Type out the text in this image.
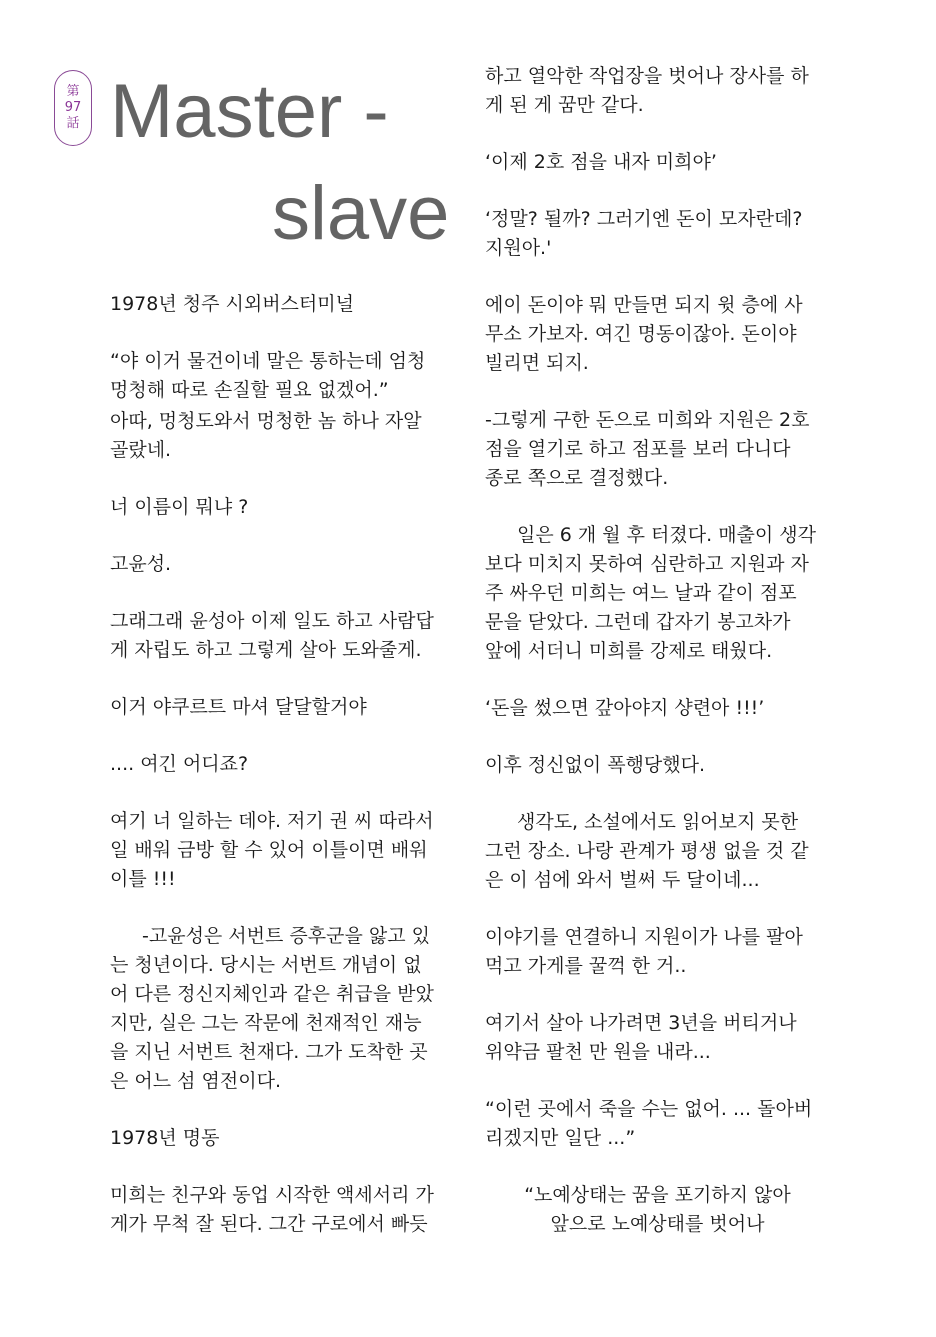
第
97
話 Master -
slave

1978년 청주 시외버스터미널

“야 이거 물건이네 말은 통하는데 엄청
멍청해 따로 손질할 필요 없겠어.”

아따, 멍청도와서 멍청한 놈 하나 자알
골랐네.

너 이름이 뭐냐 ?

고윤성.

그래그래 윤성아 이제 일도 하고 사람답
게 자립도 하고 그렇게 살아 도와줄게.

이거 야쿠르트 마셔 달달할거야

.... 여긴 어디죠?

여기 너 일하는 데야. 저기 권 씨 따라서
일 배워 금방 할 수 있어 이틀이면 배워
이틀 !!!

-고윤성은 서번트 증후군을 앓고 있
는 청년이다. 당시는 서번트 개념이 없
어 다른 정신지체인과 같은 취급을 받았
지만, 실은 그는 작문에 천재적인 재능
을 지닌 서번트 천재다. 그가 도착한 곳
은 어느 섬 염전이다.

1978년 명동

미희는 친구와 동업 시작한 액세서리 가
게가 무척 잘 된다. 그간 구로에서 빠듯

하고 열악한 작업장을 벗어나 장사를 하
게 된 게 꿈만 같다.

‘이제 2호 점을 내자 미희야’

‘정말? 될까? 그러기엔 돈이 모자란데?
지원아.'

에이 돈이야 뭐 만들면 되지 윗 층에 사
무소 가보자. 여긴 명동이잖아. 돈이야
빌리면 되지.

-그렇게 구한 돈으로 미희와 지원은 2호
점을 열기로 하고 점포를 보러 다니다
종로 쪽으로 결정했다.

일은 6 개 월 후 터졌다. 매출이 생각
보다 미치지 못하여 심란하고 지원과 자
주 싸우던 미희는 여느 날과 같이 점포
문을 닫았다. 그런데 갑자기 봉고차가
앞에 서더니 미희를 강제로 태웠다.

‘돈을 썼으면 갚아야지 샹련아 !!!’

이후 정신없이 폭행당했다.

생각도, 소설에서도 읽어보지 못한
그런 장소. 나랑 관계가 평생 없을 것 같
은 이 섬에 와서 벌써 두 달이네...

이야기를 연결하니 지원이가 나를 팔아
먹고 가게를 꿀꺽 한 거..

여기서 살아 나가려면 3년을 버티거나
위약금 팔천 만 원을 내라...

“이런 곳에서 죽을 수는 없어. ... 돌아버
리겠지만 일단 ...”

“노예상태는 꿈을 포기하지 않아
앞으로 노예상태를 벗어나
